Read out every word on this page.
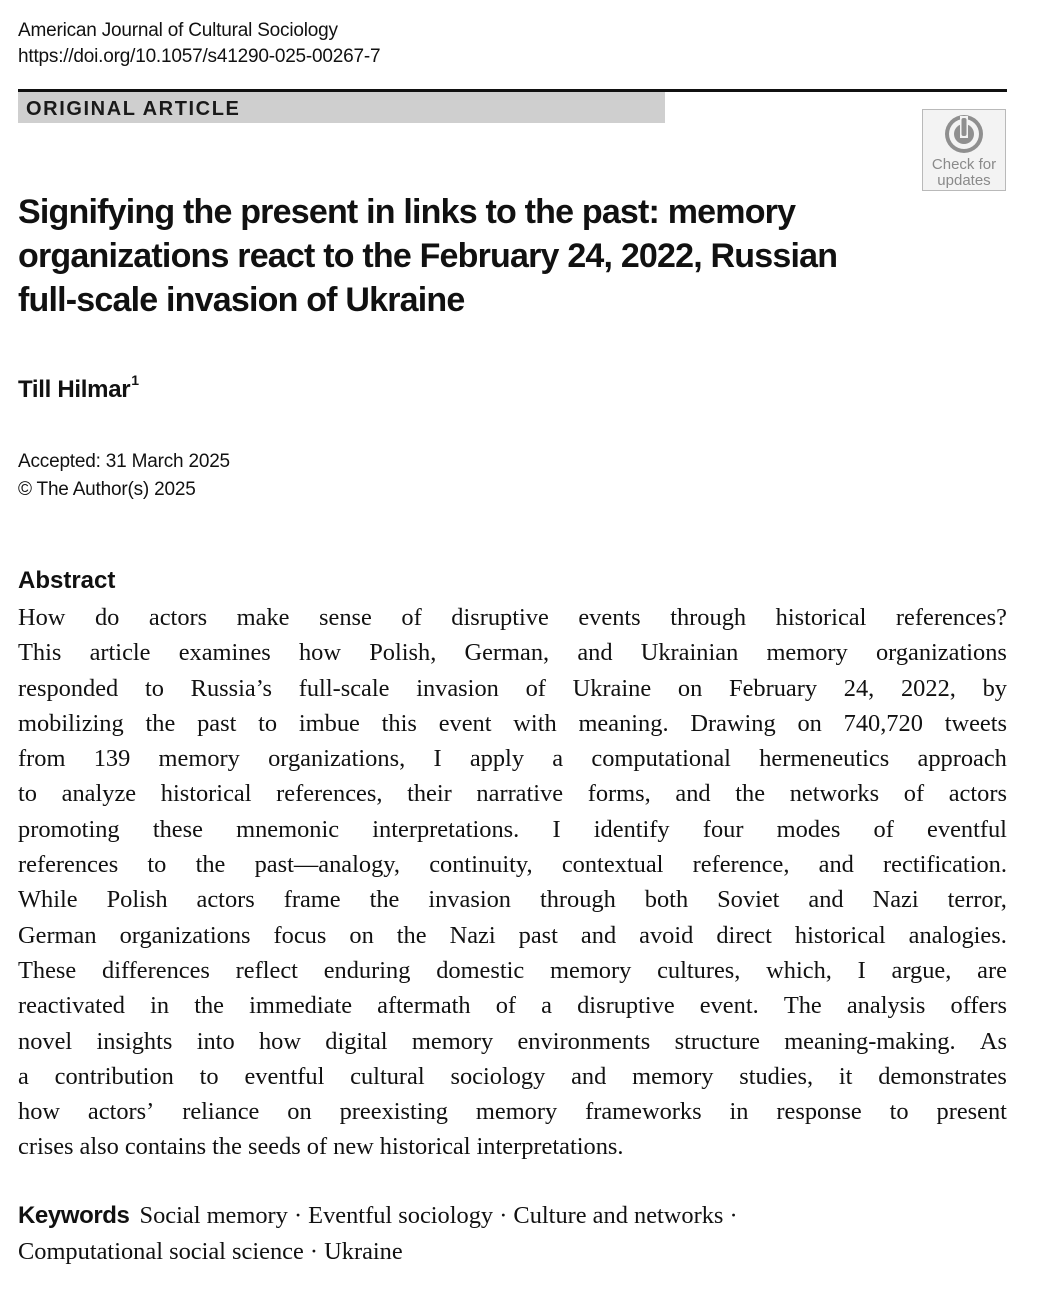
American Journal of Cultural Sociology
https://doi.org/10.1057/s41290-025-00267-7
ORIGINAL ARTICLE
Check for
updates
Signifying the present in links to the past: memory
organizations react to the February 24, 2022, Russian
full-scale invasion of Ukraine
Till Hilmar$^1$
Accepted: 31 March 2025
© The Author(s) 2025
Abstract
How do actors make sense of disruptive events through historical references?
This article examines how Polish, German, and Ukrainian memory organizations
responded to Russia’s full-scale invasion of Ukraine on February 24, 2022, by
mobilizing the past to imbue this event with meaning. Drawing on 740,720 tweets
from 139 memory organizations, I apply a computational hermeneutics approach
to analyze historical references, their narrative forms, and the networks of actors
promoting these mnemonic interpretations. I identify four modes of eventful
references to the past—analogy, continuity, contextual reference, and rectification.
While Polish actors frame the invasion through both Soviet and Nazi terror,
German organizations focus on the Nazi past and avoid direct historical analogies.
These differences reflect enduring domestic memory cultures, which, I argue, are
reactivated in the immediate aftermath of a disruptive event. The analysis offers
novel insights into how digital memory environments structure meaning-making. As
a contribution to eventful cultural sociology and memory studies, it demonstrates
how actors’ reliance on preexisting memory frameworks in response to present
crises also contains the seeds of new historical interpretations.
Keywords Social memory · Eventful sociology · Culture and networks ·
Computational social science · Ukraine
